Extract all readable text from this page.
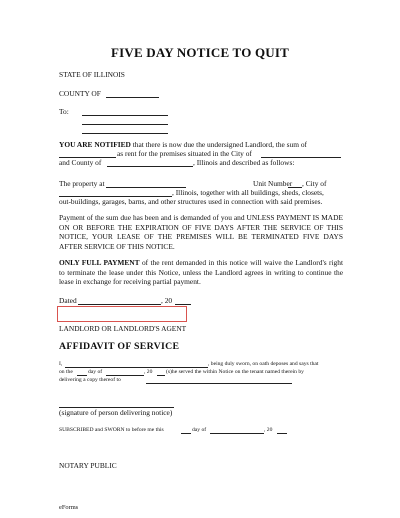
FIVE DAY NOTICE TO QUIT
STATE OF ILLINOIS
COUNTY OF
To:
YOU ARE NOTIFIED that there is now due the undersigned Landlord, the sum of
as rent for the premises situated in the City of
and County of	, Illinois and described as follows:
The property at	Unit Number , City of
, Illinois, together with all buildings, sheds, closets,
out-buildings, garages, barns, and other structures used in connection with said premises.
Payment of the sum due has been and is demanded of you and UNLESS PAYMENT IS MADE ON OR BEFORE THE EXPIRATION OF FIVE DAYS AFTER THE SERVICE OF THIS NOTICE, YOUR LEASE OF THE PREMISES WILL BE TERMINATED FIVE DAYS AFTER SERVICE OF THIS NOTICE.
ONLY FULL PAYMENT of the rent demanded in this notice will waive the Landlord's right to terminate the lease under this Notice, unless the Landlord agrees in writing to continue the lease in exchange for receiving partial payment.
Dated	, 20
LANDLORD OR LANDLORD'S AGENT
AFFIDAVIT OF SERVICE
I,	, being duly sworn, on oath deposes and says that
on the	day of	, 20 (s)he served the within Notice on the tenant named therein by
delivering a copy thereof to
(signature of person delivering notice)
SUBSCRIBED and SWORN to before me this	day of	, 20
NOTARY PUBLIC
eForms
